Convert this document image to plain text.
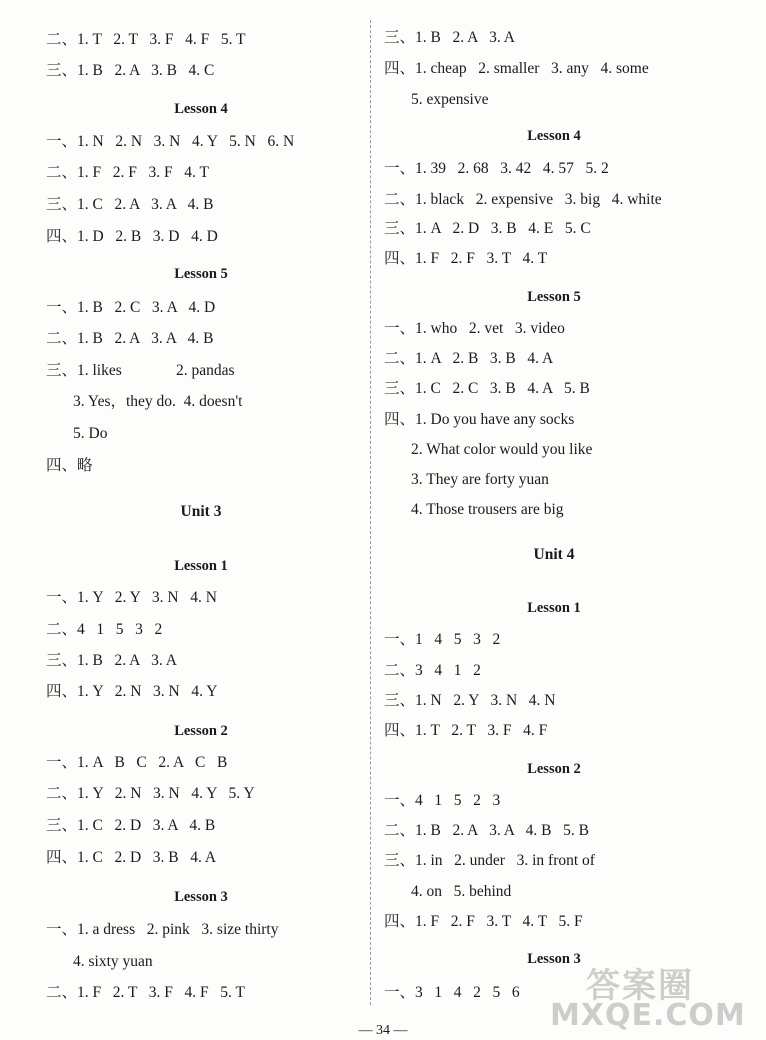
二、1. T   2. T   3. F   4. F   5. T
三、1. B   2. A   3. B   4. C
Lesson 4
一、1. N   2. N   3. N   4. Y   5. N   6. N
二、1. F   2. F   3. F   4. T
三、1. C   2. A   3. A   4. B
四、1. D   2. B   3. D   4. D
Lesson 5
一、1. B   2. C   3. A   4. D
二、1. B   2. A   3. A   4. B
三、1. likes              2. pandas
3. Yes，they do.  4. doesn't
5. Do
四、略
Unit 3
Lesson 1
一、1. Y   2. Y   3. N   4. N
二、4   1   5   3   2
三、1. B   2. A   3. A
四、1. Y   2. N   3. N   4. Y
Lesson 2
一、1. A   B   C   2. A   C   B
二、1. Y   2. N   3. N   4. Y   5. Y
三、1. C   2. D   3. A   4. B
四、1. C   2. D   3. B   4. A
Lesson 3
一、1. a dress   2. pink   3. size thirty
4. sixty yuan
二、1. F   2. T   3. F   4. F   5. T
三、1. B   2. A   3. A
四、1. cheap   2. smaller   3. any   4. some
5. expensive
Lesson 4
一、1. 39   2. 68   3. 42   4. 57   5. 2
二、1. black   2. expensive   3. big   4. white
三、1. A   2. D   3. B   4. E   5. C
四、1. F   2. F   3. T   4. T
Lesson 5
一、1. who   2. vet   3. video
二、1. A   2. B   3. B   4. A
三、1. C   2. C   3. B   4. A   5. B
四、1. Do you have any socks
2. What color would you like
3. They are forty yuan
4. Those trousers are big
Unit 4
Lesson 1
一、1   4   5   3   2
二、3   4   1   2
三、1. N   2. Y   3. N   4. N
四、1. T   2. T   3. F   4. F
Lesson 2
一、4   1   5   2   3
二、1. B   2. A   3. A   4. B   5. B
三、1. in   2. under   3. in front of
4. on   5. behind
四、1. F   2. F   3. T   4. T   5. F
Lesson 3
一、3   1   4   2   5   6
— 34 —
答案圈
MXQE.COM
